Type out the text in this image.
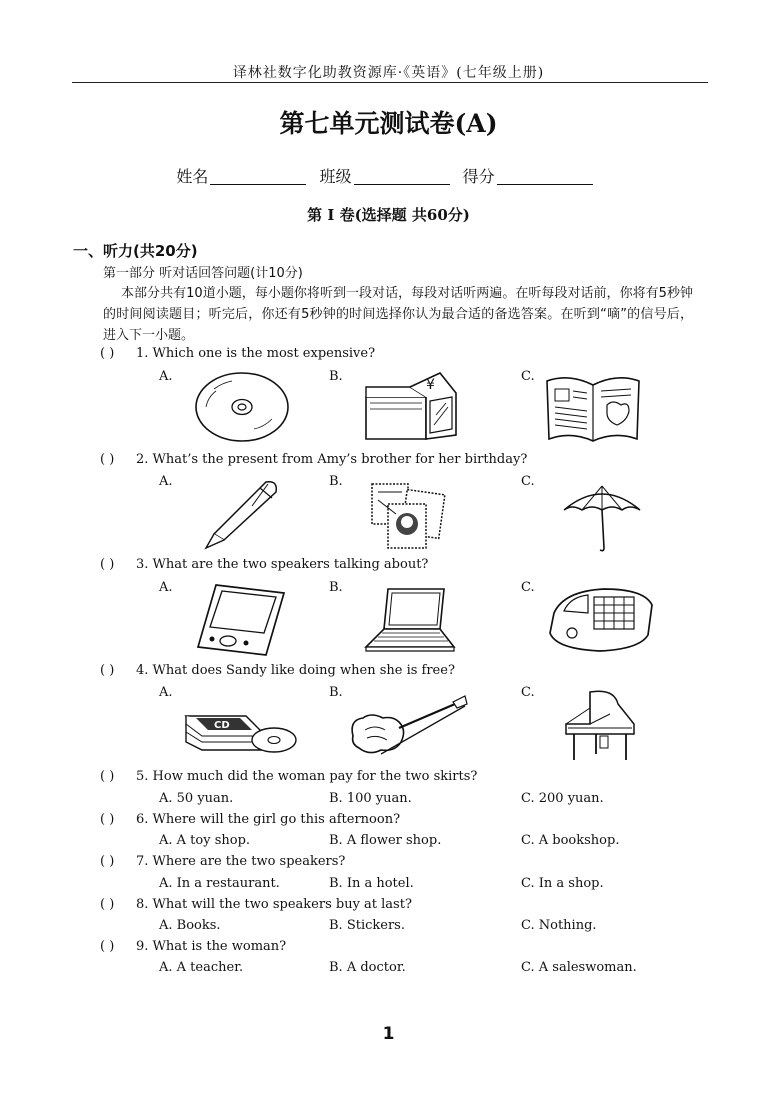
译林社数字化助教资源库·《英语》(七年级上册)
第七单元测试卷(A)
姓名	班级	得分
第 I 卷(选择题 共60分)
一、听力(共20分)
第一部分 听对话回答问题(计10分)
本部分共有10道小题，每小题你将听到一段对话，每段对话听两遍。在听每段对话前，你将有5秒钟的时间阅读题目；听完后，你还有5秒钟的时间选择你认为最合适的备选答案。在听到“嘀”的信号后，进入下一小题。
( ) 1. Which one is the most expensive?
A.	B.	C.
¥
( ) 2. What’s the present from Amy’s brother for her birthday?
A.	B.	C.
( ) 3. What are the two speakers talking about?
A.	B.	C.
( ) 4. What does Sandy like doing when she is free?
A.	B.	C.
CD
( ) 5. How much did the woman pay for the two skirts?
A. 50 yuan.	B. 100 yuan.	C. 200 yuan.
( ) 6. Where will the girl go this afternoon?
A. A toy shop.	B. A flower shop.	C. A bookshop.
( ) 7. Where are the two speakers?
A. In a restaurant.	B. In a hotel.	C. In a shop.
( ) 8. What will the two speakers buy at last?
A. Books.	B. Stickers.	C. Nothing.
( ) 9. What is the woman?
A. A teacher.	B. A doctor.	C. A saleswoman.
1
